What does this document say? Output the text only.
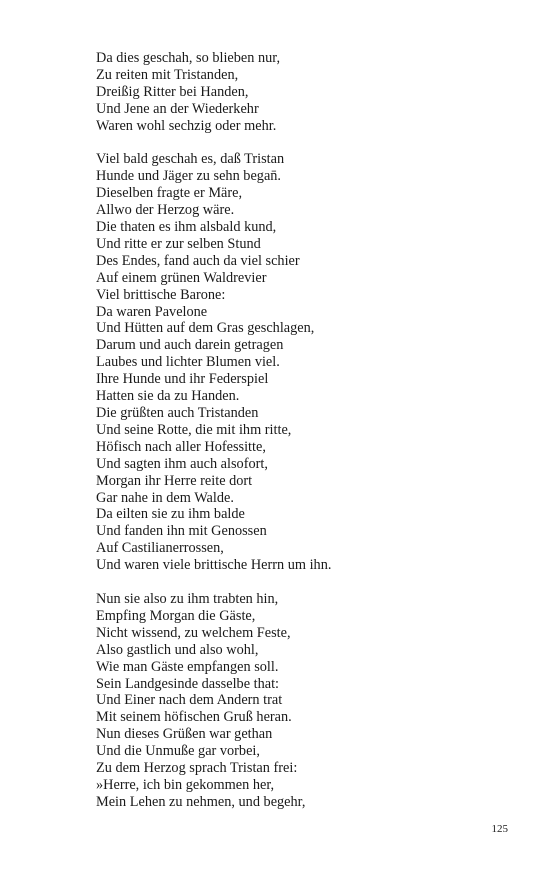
Da dies geschah, so blieben nur,
Zu reiten mit Tristanden,
Dreißig Ritter bei Handen,
Und Jene an der Wiederkehr
Waren wohl sechzig oder mehr.
Viel bald geschah es, daß Tristan
Hunde und Jäger zu sehn began̄.
Dieselben fragte er Märe,
Allwo der Herzog wäre.
Die thaten es ihm alsbald kund,
Und ritte er zur selben Stund
Des Endes, fand auch da viel schier
Auf einem grünen Waldrevier
Viel brittische Barone:
Da waren Pavelone
Und Hütten auf dem Gras geschlagen,
Darum und auch darein getragen
Laubes und lichter Blumen viel.
Ihre Hunde und ihr Federspiel
Hatten sie da zu Handen.
Die grüßten auch Tristanden
Und seine Rotte, die mit ihm ritte,
Höfisch nach aller Hofessitte,
Und sagten ihm auch alsofort,
Morgan ihr Herre reite dort
Gar nahe in dem Walde.
Da eilten sie zu ihm balde
Und fanden ihn mit Genossen
Auf Castilianerrossen,
Und waren viele brittische Herrn um ihn.
Nun sie also zu ihm trabten hin,
Empfing Morgan die Gäste,
Nicht wissend, zu welchem Feste,
Also gastlich und also wohl,
Wie man Gäste empfangen soll.
Sein Landgesinde dasselbe that:
Und Einer nach dem Andern trat
Mit seinem höfischen Gruß heran.
Nun dieses Grüßen war gethan
Und die Unmuße gar vorbei,
Zu dem Herzog sprach Tristan frei:
»Herre, ich bin gekommen her,
Mein Lehen zu nehmen, und begehr,
125
